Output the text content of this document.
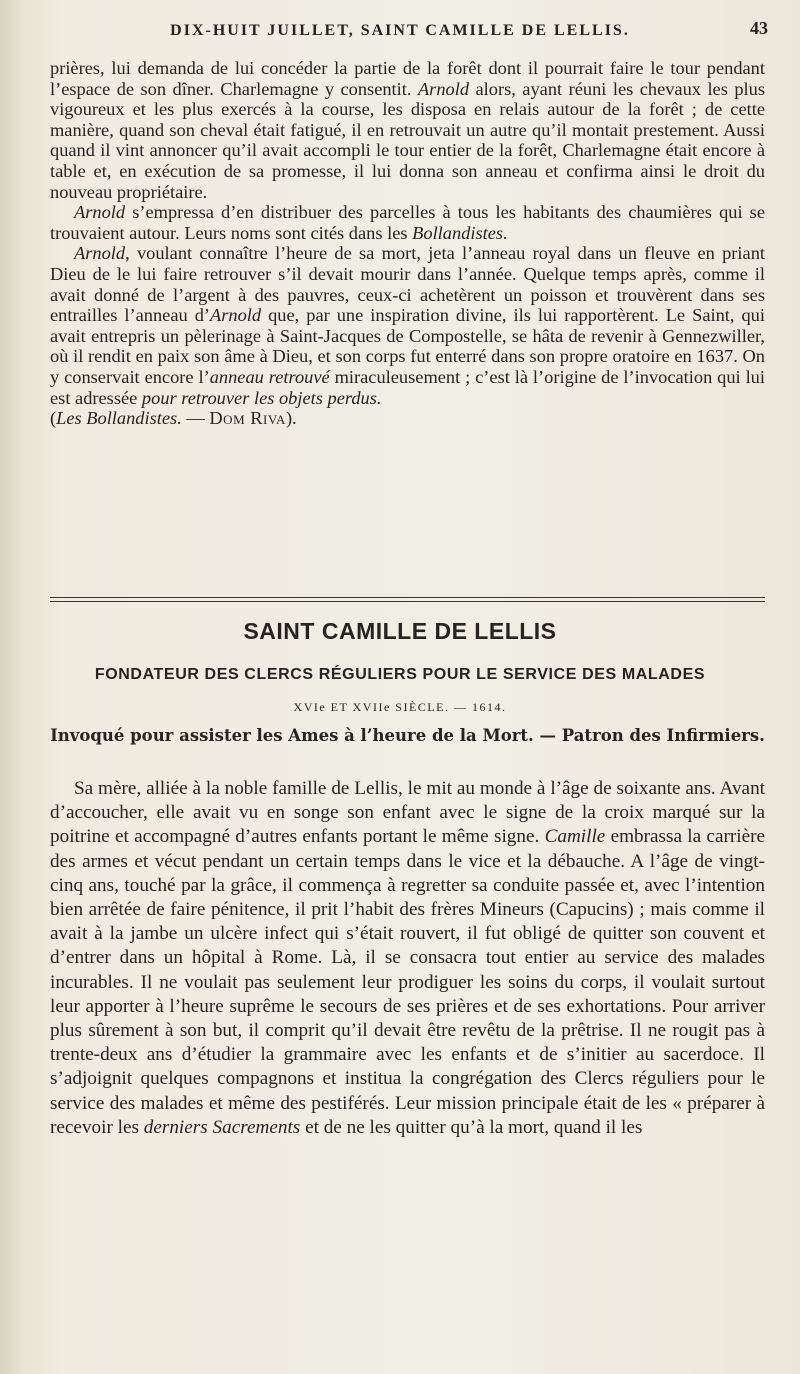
DIX-HUIT JUILLET, SAINT CAMILLE DE LELLIS.	43

prières, lui demanda de lui concéder la partie de la forêt dont il pourrait faire le tour pendant l’espace de son dîner. Charlemagne y consentit. Arnold alors, ayant réuni les chevaux les plus vigoureux et les plus exercés à la course, les disposa en relais autour de la forêt ; de cette manière, quand son cheval était fatigué, il en retrouvait un autre qu’il montait prestement. Aussi quand il vint annoncer qu’il avait accompli le tour entier de la forêt, Charlemagne était encore à table et, en exécution de sa promesse, il lui donna son anneau et confirma ainsi le droit du nouveau propriétaire.

Arnold s’empressa d’en distribuer des parcelles à tous les habitants des chaumières qui se trouvaient autour. Leurs noms sont cités dans les Bollandistes.

Arnold, voulant connaître l’heure de sa mort, jeta l’anneau royal dans un fleuve en priant Dieu de le lui faire retrouver s’il devait mourir dans l’année. Quelque temps après, comme il avait donné de l’argent à des pauvres, ceux-ci achetèrent un poisson et trouvèrent dans ses entrailles l’anneau d’Arnold que, par une inspiration divine, ils lui rapportèrent. Le Saint, qui avait entrepris un pèlerinage à Saint-Jacques de Compostelle, se hâta de revenir à Gennezwiller, où il rendit en paix son âme à Dieu, et son corps fut enterré dans son propre oratoire en 1637. On y conservait encore l’anneau retrouvé miraculeusement ; c’est là l’origine de l’invocation qui lui est adressée pour retrouver les objets perdus.
(Les Bollandistes. — Dom Riva).

SAINT CAMILLE DE LELLIS
FONDATEUR DES CLERCS RÉGULIERS POUR LE SERVICE DES MALADES
XVIe ET XVIIe SIÈCLE. — 1614.
Invoqué pour assister les Ames à l’heure de la Mort. — Patron des Infirmiers.

Sa mère, alliée à la noble famille de Lellis, le mit au monde à l’âge de soixante ans. Avant d’accoucher, elle avait vu en songe son enfant avec le signe de la croix marqué sur la poitrine et accompagné d’autres enfants portant le même signe. Camille embrassa la carrière des armes et vécut pendant un certain temps dans le vice et la débauche. A l’âge de vingt-cinq ans, touché par la grâce, il commença à regretter sa conduite passée et, avec l’intention bien arrêtée de faire pénitence, il prit l’habit des frères Mineurs (Capucins) ; mais comme il avait à la jambe un ulcère infect qui s’était rouvert, il fut obligé de quitter son couvent et d’entrer dans un hôpital à Rome. Là, il se consacra tout entier au service des malades incurables. Il ne voulait pas seulement leur prodiguer les soins du corps, il voulait surtout leur apporter à l’heure suprême le secours de ses prières et de ses exhortations. Pour arriver plus sûrement à son but, il comprit qu’il devait être revêtu de la prêtrise. Il ne rougit pas à trente-deux ans d’étudier la grammaire avec les enfants et de s’initier au sacerdoce. Il s’adjoignit quelques compagnons et institua la congrégation des Clercs réguliers pour le service des malades et même des pestiférés. Leur mission principale était de les « préparer à recevoir les derniers Sacrements et de ne les quitter qu’à la mort, quand il les
